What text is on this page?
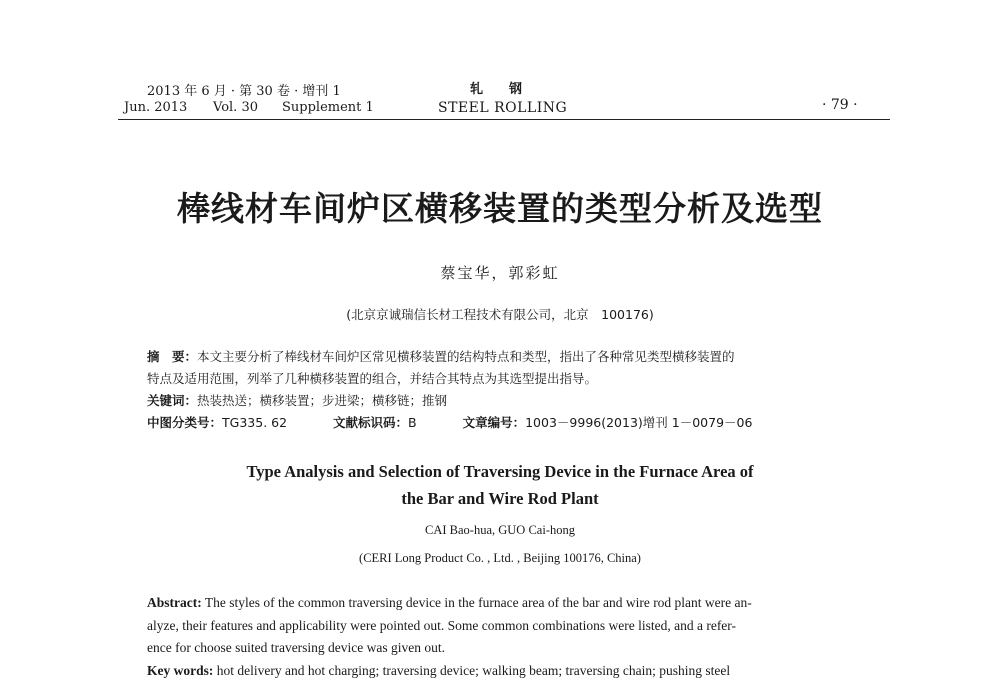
2013 年 6 月 · 第 30 卷 · 增刊 1
Jun. 2013 Vol. 30 Supplement 1
轧　　钢
STEEL ROLLING	· 79 ·
棒线材车间炉区横移装置的类型分析及选型
蔡宝华，郭彩虹
(北京京诚瑞信长材工程技术有限公司，北京　100176)
摘　要：本文主要分析了棒线材车间炉区常见横移装置的结构特点和类型，指出了各种常见类型横移装置的
特点及适用范围，列举了几种横移装置的组合，并结合其特点为其选型提出指导。
关键词：热装热送；横移装置；步进梁；横移链；推钢
中图分类号：TG335. 62	文献标识码：B	文章编号：1003－9996(2013)增刊 1－0079－06
Type Analysis and Selection of Traversing Device in the Furnace Area of
the Bar and Wire Rod Plant
CAI Bao-hua, GUO Cai-hong
(CERI Long Product Co. , Ltd. , Beijing 100176, China)
Abstract: The styles of the common traversing device in the furnace area of the bar and wire rod plant were an-
alyze, their features and applicability were pointed out. Some common combinations were listed, and a refer-
ence for choose suited traversing device was given out.
Key words: hot delivery and hot charging; traversing device; walking beam; traversing chain; pushing steel
